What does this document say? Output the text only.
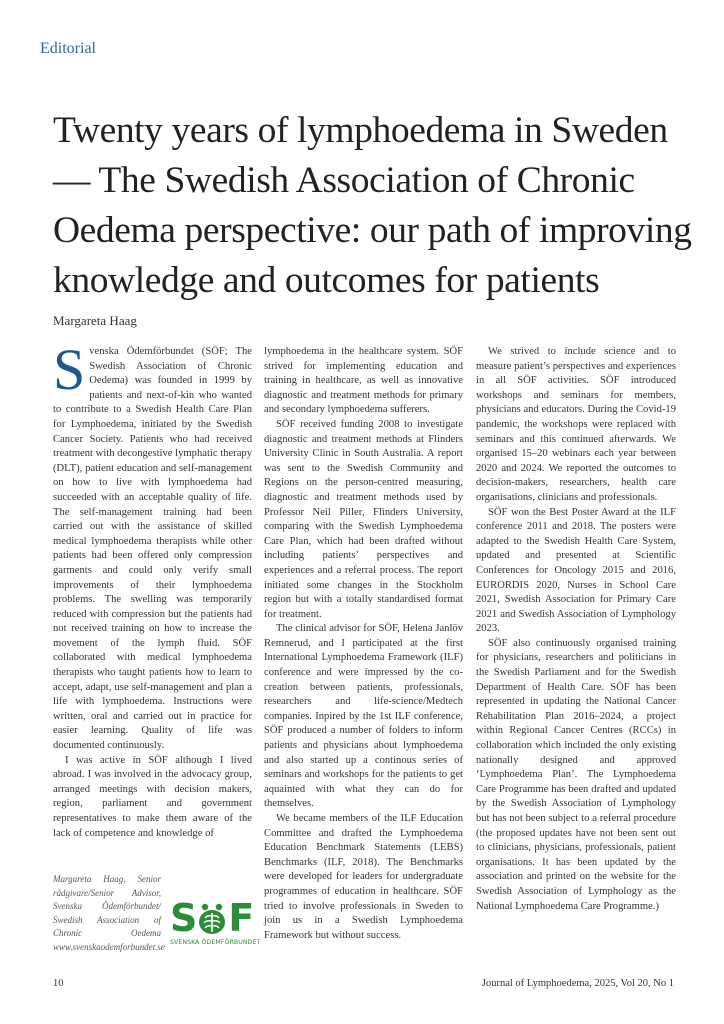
Editorial
Twenty years of lymphoedema in Sweden
— The Swedish Association of Chronic
Oedema perspective: our path of improving
knowledge and outcomes for patients
Margareta Haag

Svenska Ödemförbundet (SÖF; The Swedish Association of Chronic Oedema) was founded in 1999 by patients and next-of-kin who wanted to contribute to a Swedish Health Care Plan for Lymphoedema, initiated by the Swedish Cancer Society. Patients who had received treatment with decongestive lymphatic therapy (DLT), patient education and self-management on how to live with lymphoedema had succeeded with an acceptable quality of life. The self-management training had been carried out with the assistance of skilled medical lymphoedema therapists while other patients had been offered only compression garments and could only verify small improvements of their lymphoedema problems. The swelling was temporarily reduced with compression but the patients had not received training on how to increase the movement of the lymph fluid. SÖF collaborated with medical lymphoedema therapists who taught patients how to learn to accept, adapt, use self-management and plan a life with lymphoedema. Instructions were written, oral and carried out in practice for easier learning. Quality of life was documented continuously.

I was active in SÖF although I lived abroad. I was involved in the advocacy group, arranged meetings with decision makers, region, parliament and government representatives to make them aware of the lack of competence and knowledge of

lymphoedema in the healthcare system. SÖF strived for implementing education and training in healthcare, as well as innovative diagnostic and treatment methods for primary and secondary lymphoedema sufferers.

SÖF received funding 2008 to investigate diagnostic and treatment methods at Flinders University Clinic in South Australia. A report was sent to the Swedish Community and Regions on the person-centred measuring, diagnostic and treatment methods used by Professor Neil Piller, Flinders University, comparing with the Swedish Lymphoedema Care Plan, which had been drafted without including patients’ perspectives and experiences and a referral process. The report initiated some changes in the Stockholm region but with a totally standardised format for treatment.

The clinical advisor for SÖF, Helena Janlöv Remnerud, and I participated at the first International Lymphoedema Framework (ILF) conference and were impressed by the co-creation between patients, professionals, researchers and life-science/Medtech companies. Inpired by the 1st ILF conference, SÖF produced a number of folders to inform patients and physicians about lymphoedema and also started up a continous series of seminars and workshops for the patients to get aquainted with what they can do for themselves.

We became members of the ILF Education Committee and drafted the Lymphoedema Education Benchmark Statements (LEBS) Benchmarks (ILF, 2018). The Benchmarks were developed for leaders for undergraduate programmes of education in healthcare. SÖF tried to involve professionals in Sweden to join us in a Swedish Lymphoedema Framework but without success.

We strived to include science and to measure patient’s perspectives and experiences in all SÖF activities. SÖF introduced workshops and seminars for members, physicians and educators. During the Covid-19 pandemic, the workshops were replaced with seminars and this continued afterwards. We organised 15–20 webinars each year between 2020 and 2024. We reported the outcomes to decision-makers, researchers, health care organisations, clinicians and professionals.

SÖF won the Best Poster Award at the ILF conference 2011 and 2018. The posters were adapted to the Swedish Health Care System, updated and presented at Scientific Conferences for Oncology 2015 and 2016, EURORDIS 2020, Nurses in School Care 2021, Swedish Association for Primary Care 2021 and Swedish Association of Lymphology 2023.

SÖF also continuously organised training for physicians, researchers and politicians in the Swedish Parliament and for the Swedish Department of Health Care. SÖF has been represented in updating the National Cancer Rehabilitation Plan 2016–2024, a project within Regional Cancer Centres (RCCs) in collaboration which included the only existing nationally designed and approved ‘Lymphoedema Plan’. The Lymphoedema Care Programme has been drafted and updated by the Swedish Association of Lymphology but has not been subject to a referral procedure (the proposed updates have not been sent out to clinicians, physicians, professionals, patient organisations. It has been updated by the association and printed on the website for the Swedish Association of Lymphology as the National Lymphoedema Care Programme.)

Margareta Haag, Senior rådgivare/Senior Advisor, Svenska Ödemförbundet/ Swedish Association of Chronic Oedema www.svenskaodemforbundet.se
S F
SVENSKA ÖDEMFÖRBUNDET
10	Journal of Lymphoedema, 2025, Vol 20, No 1
